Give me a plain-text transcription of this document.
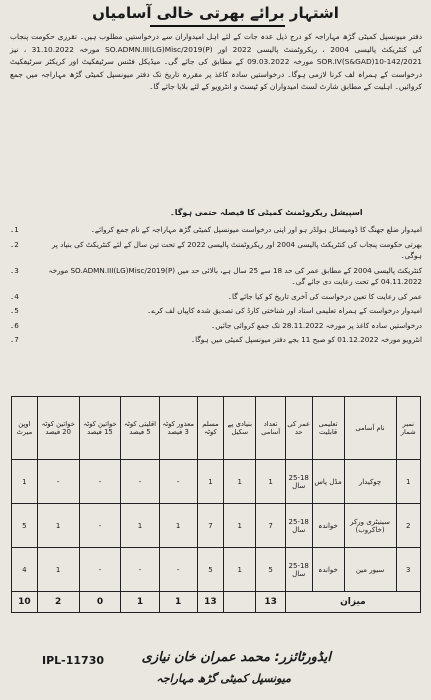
اشتہار برائے بھرتی خالی آسامیاں
دفتر میونسپل کمیٹی گڑھ مہاراجہ کو درج ذیل عدہ جات کے لئے اہل امیدواران سے درخواستیں مطلوب ہیں۔ تقرری حکومت پنجاب کی کنٹریکٹ پالیسی 2004 ، ریکروٹمنٹ پالیسی 2022 اور SO.ADMN.III(LG)Misc/2019(P) مورخہ 31.10.2022 ، نیز SOR.IV(S&GAD)10-142/2021 مورخہ 09.03.2022 کے مطابق کی جائے گی۔ میڈیکل فٹنس سرٹیفکیٹ اور کریکٹر سرٹیفکیٹ درخواست کے ہمراہ لف کرنا لازمی ہوگا۔ درخواستیں سادہ کاغذ پر مقررہ تاریخ تک دفتر میونسپل کمیٹی گڑھ مہاراجہ میں جمع کروائیں۔ اہلیت کے مطابق شارٹ لسٹ امیدواران کو ٹیسٹ و انٹرویو کے لئے بلایا جائے گا۔
اسپیشل ریکروٹمنٹ کمیٹی کا فیصلہ حتمی ہوگا۔
امیدوار ضلع جھنگ کا ڈومیسائل ہولڈر ہو اور اپنی درخواست میونسپل کمیٹی گڑھ مہاراجہ کے نام جمع کروائے۔
1۔
بھرتی حکومت پنجاب کی کنٹریکٹ پالیسی 2004 اور ریکروٹمنٹ پالیسی 2022 کے تحت تین سال کے لئے کنٹریکٹ کی بنیاد پر ہوگی۔
2۔
کنٹریکٹ پالیسی 2004 کے مطابق عمر کی حد 18 سے 25 سال ہے، بالائی حد میں SO.ADMN.III(LG)Misc/2019(P) مورخہ 04.11.2022 کے تحت رعایت دی جائے گی۔
3۔
عمر کی رعایت کا تعین درخواست کی آخری تاریخ کو کیا جائے گا۔
4۔
امیدوار درخواست کے ہمراہ تعلیمی اسناد اور شناختی کارڈ کی تصدیق شدہ کاپیاں لف کرے۔
5۔
درخواستیں سادہ کاغذ پر مورخہ 28.11.2022 تک جمع کروائی جائیں۔
6۔
انٹرویو مورخہ 01.12.2022 کو صبح 11 بجے دفتر میونسپل کمیٹی میں ہوگا۔
7۔
نمبر شمار	نام آسامی	تعلیمی قابلیت	عمر کی حد	تعداد آسامی	بنیادی پے سکیل	مسلم کوٹہ	معذور کوٹہ 3 فیصد	اقلیتی کوٹہ 5 فیصد	خواتین کوٹہ 15 فیصد	خواتین کوٹہ 20 فیصد	اوپن میرٹ
1	چوکیدار	مڈل پاس	25-18 سال	1	1	1	-	-	-	-	1
2	سینیٹری ورکر (خاکروب)	خواندہ	25-18 سال	7	1	7	1	1	-	1	5
3	سیور مین	خواندہ	25-18 سال	5	1	5	-	-	-	1	4
میزان				13		13	1	1	0	2	10
IPL-11730	ایڈورٹائزر: محمد عمران خان نیازی
میونسپل کمیٹی گڑھ مہاراجہ
